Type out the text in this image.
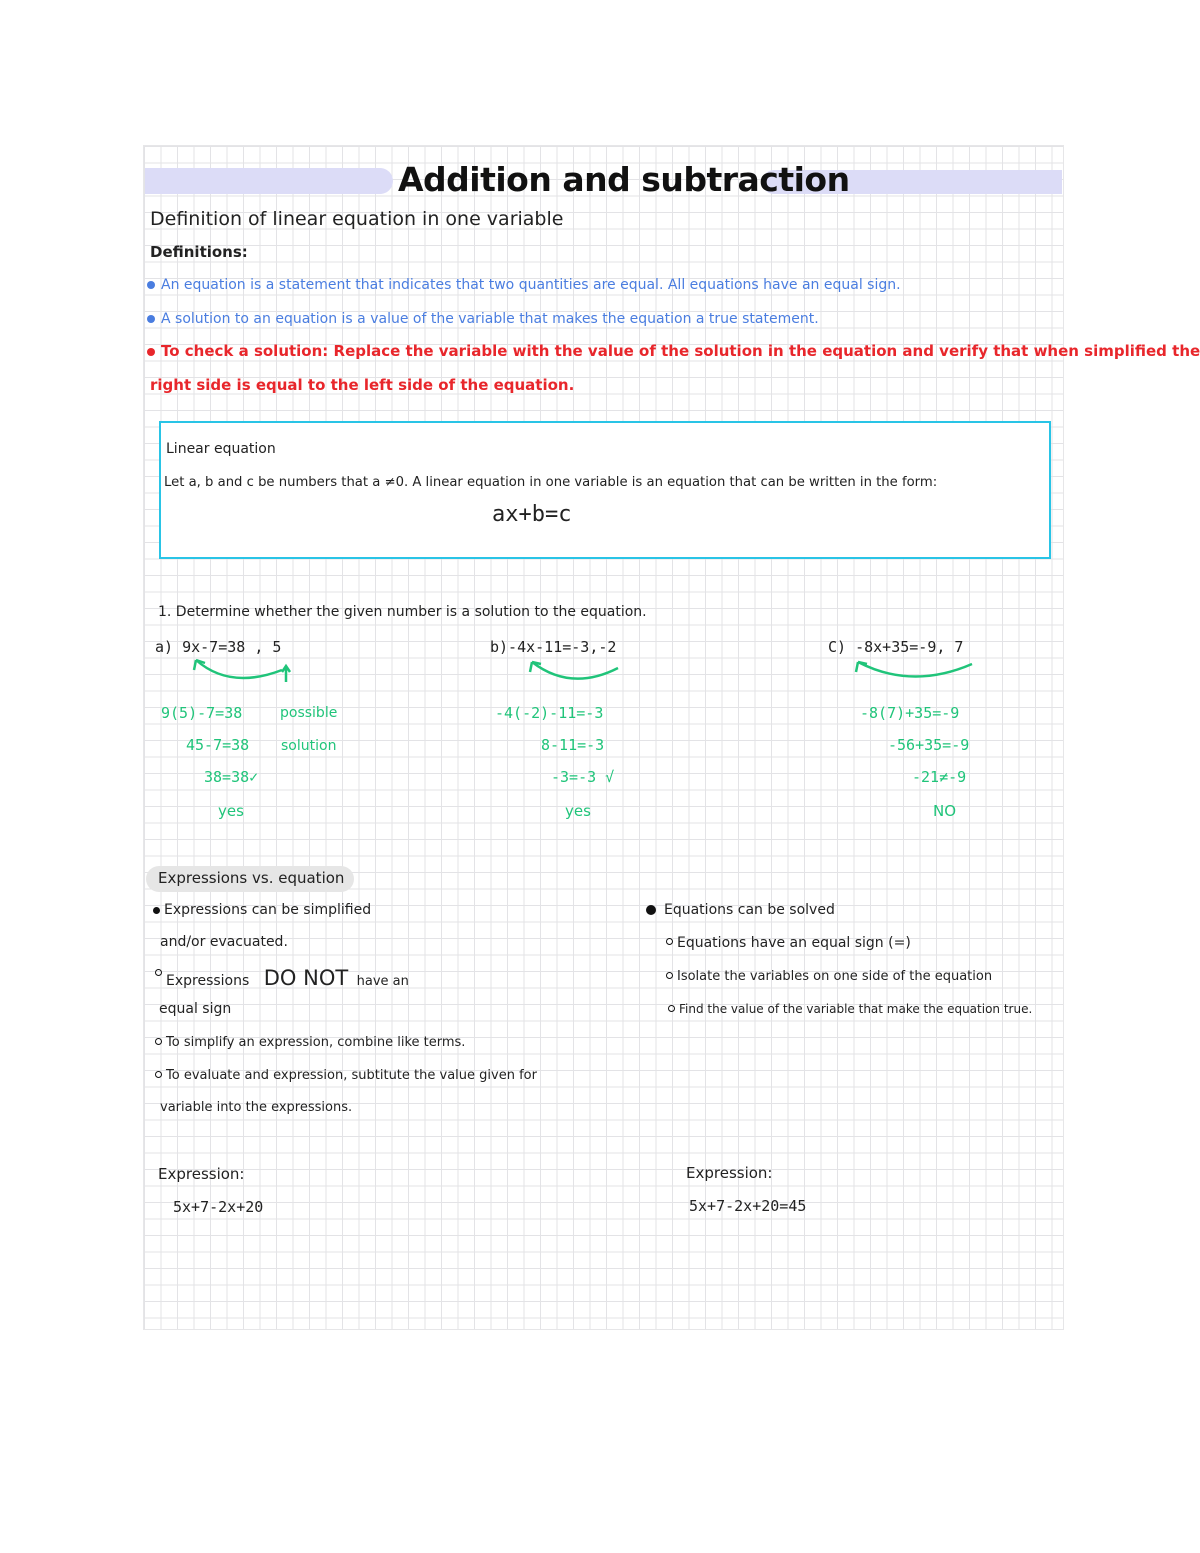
Addition and subtraction
Definition of linear equation in one variable
Definitions:
An equation is a statement that indicates that two quantities are equal. All equations have an equal sign.
A solution to an equation is a value of the variable that makes the equation a true statement.
To check a solution: Replace the variable with the value of the solution in the equation and verify that when simplified the
right side is equal to the left side of the equation.
Linear equation
Let a, b and c be numbers that a ≠0. A linear equation in one variable is an equation that can be written in the form:
ax+b=c
1. Determine whether the given number is a solution to the equation.
a) 9x-7=38 , 5	b)-4x-11=-3,-2	C) -8x+35=-9, 7
9(5)-7=38	possible
45-7=38 solution
38=38✓
yes
-4(-2)-11=-3
8-11=-3
-3=-3 √
yes
-8(7)+35=-9
-56+35=-9
-21≠-9
NO
Expressions vs. equation
Expressions can be simplified
and/or evacuated.
Expressions DO NOT have an
equal sign
To simplify an expression, combine like terms.
To evaluate and expression, subtitute the value given for
variable into the expressions.
Equations can be solved
Equations have an equal sign (=)
Isolate the variables on one side of the equation
Find the value of the variable that make the equation true.
Expression:
5x+7-2x+20
Expression:
5x+7-2x+20=45
